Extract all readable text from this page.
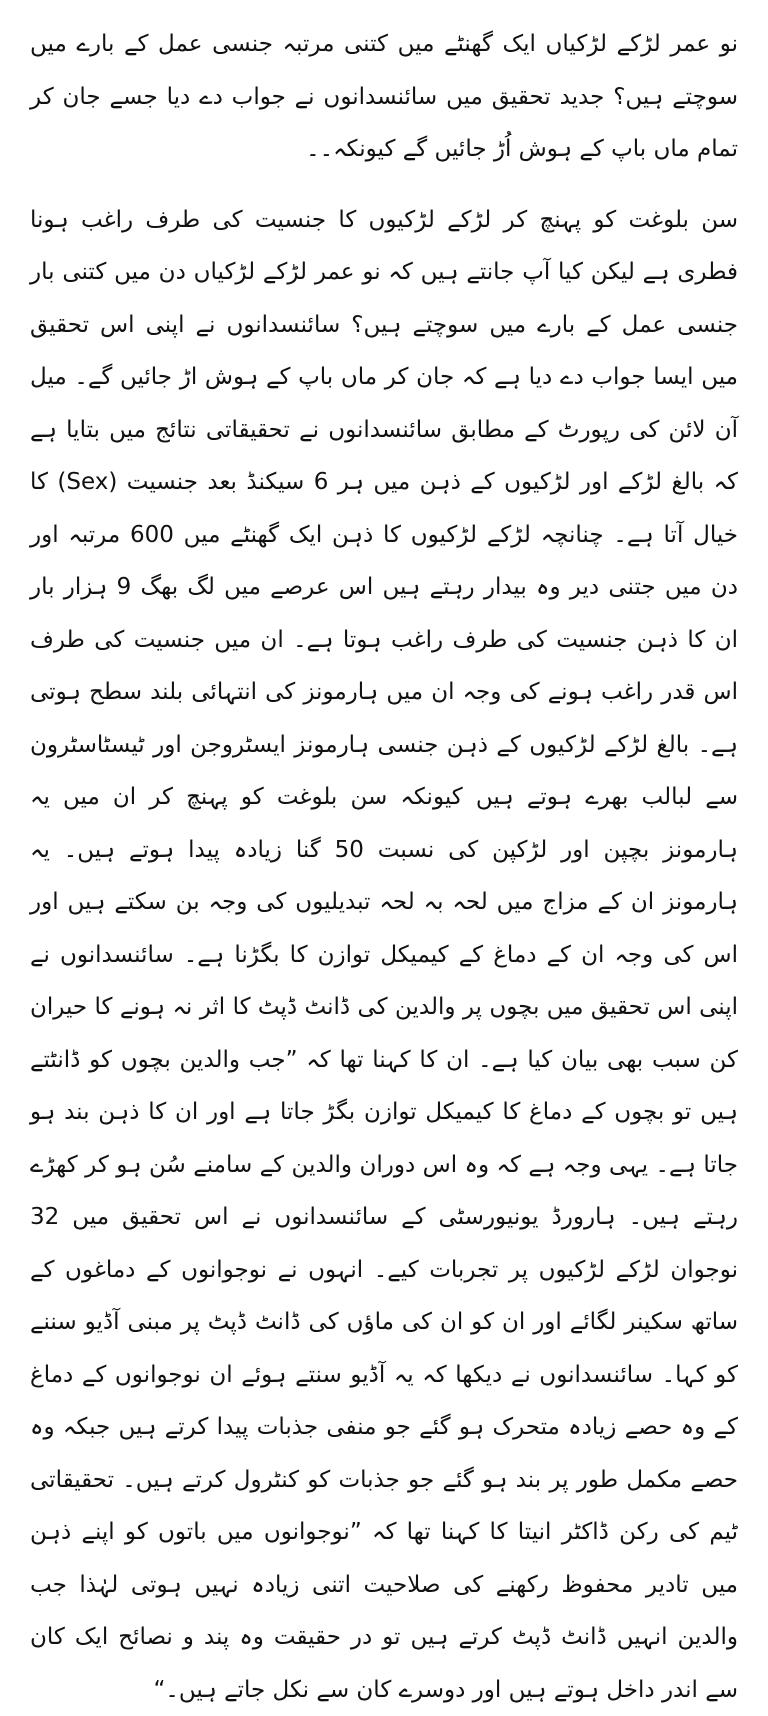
نو عمر لڑکے لڑکیاں ایک گھنٹے میں کتنی مرتبہ جنسی عمل کے بارے میں سوچتے ہیں؟ جدید تحقیق میں سائنسدانوں نے جواب دے دیا جسے جان کر تمام ماں باپ کے ہوش اُڑ جائیں گے کیونکہ۔۔

سن بلوغت کو پہنچ کر لڑکے لڑکیوں کا جنسیت کی طرف راغب ہونا فطری ہے لیکن کیا آپ جانتے ہیں کہ نو عمر لڑکے لڑکیاں دن میں کتنی بار جنسی عمل کے بارے میں سوچتے ہیں؟ سائنسدانوں نے اپنی اس تحقیق میں ایسا جواب دے دیا ہے کہ جان کر ماں باپ کے ہوش اڑ جائیں گے۔ میل آن لائن کی رپورٹ کے مطابق سائنسدانوں نے تحقیقاتی نتائج میں بتایا ہے کہ بالغ لڑکے اور لڑکیوں کے ذہن میں ہر 6 سیکنڈ بعد جنسیت (Sex) کا خیال آتا ہے۔ چنانچہ لڑکے لڑکیوں کا ذہن ایک گھنٹے میں 600 مرتبہ اور دن میں جتنی دیر وہ بیدار رہتے ہیں اس عرصے میں لگ بھگ 9 ہزار بار ان کا ذہن جنسیت کی طرف راغب ہوتا ہے۔ ان میں جنسیت کی طرف اس قدر راغب ہونے کی وجہ ان میں ہارمونز کی انتہائی بلند سطح ہوتی ہے۔ بالغ لڑکے لڑکیوں کے ذہن جنسی ہارمونز ایسٹروجن اور ٹیسٹاسٹرون سے لبالب بھرے ہوتے ہیں کیونکہ سن بلوغت کو پہنچ کر ان میں یہ ہارمونز بچپن اور لڑکپن کی نسبت 50 گنا زیادہ پیدا ہوتے ہیں۔ یہ ہارمونز ان کے مزاج میں لحہ بہ لحہ تبدیلیوں کی وجہ بن سکتے ہیں اور اس کی وجہ ان کے دماغ کے کیمیکل توازن کا بگڑنا ہے۔ سائنسدانوں نے اپنی اس تحقیق میں بچوں پر والدین کی ڈانٹ ڈپٹ کا اثر نہ ہونے کا حیران کن سبب بھی بیان کیا ہے۔ ان کا کہنا تھا کہ ”جب والدین بچوں کو ڈانٹتے ہیں تو بچوں کے دماغ کا کیمیکل توازن بگڑ جاتا ہے اور ان کا ذہن بند ہو جاتا ہے۔ یہی وجہ ہے کہ وہ اس دوران والدین کے سامنے سُن ہو کر کھڑے رہتے ہیں۔ ہارورڈ یونیورسٹی کے سائنسدانوں نے اس تحقیق میں 32 نوجوان لڑکے لڑکیوں پر تجربات کیے۔ انہوں نے نوجوانوں کے دماغوں کے ساتھ سکینر لگائے اور ان کو ان کی ماؤں کی ڈانٹ ڈپٹ پر مبنی آڈیو سننے کو کہا۔ سائنسدانوں نے دیکھا کہ یہ آڈیو سنتے ہوئے ان نوجوانوں کے دماغ کے وہ حصے زیادہ متحرک ہو گئے جو منفی جذبات پیدا کرتے ہیں جبکہ وہ حصے مکمل طور پر بند ہو گئے جو جذبات کو کنٹرول کرتے ہیں۔ تحقیقاتی ٹیم کی رکن ڈاکٹر انیتا کا کہنا تھا کہ ”نوجوانوں میں باتوں کو اپنے ذہن میں تادیر محفوظ رکھنے کی صلاحیت اتنی زیادہ نہیں ہوتی لہٰذا جب والدین انہیں ڈانٹ ڈپٹ کرتے ہیں تو در حقیقت وہ پند و نصائح ایک کان سے اندر داخل ہوتے ہیں اور دوسرے کان سے نکل جاتے ہیں۔“
